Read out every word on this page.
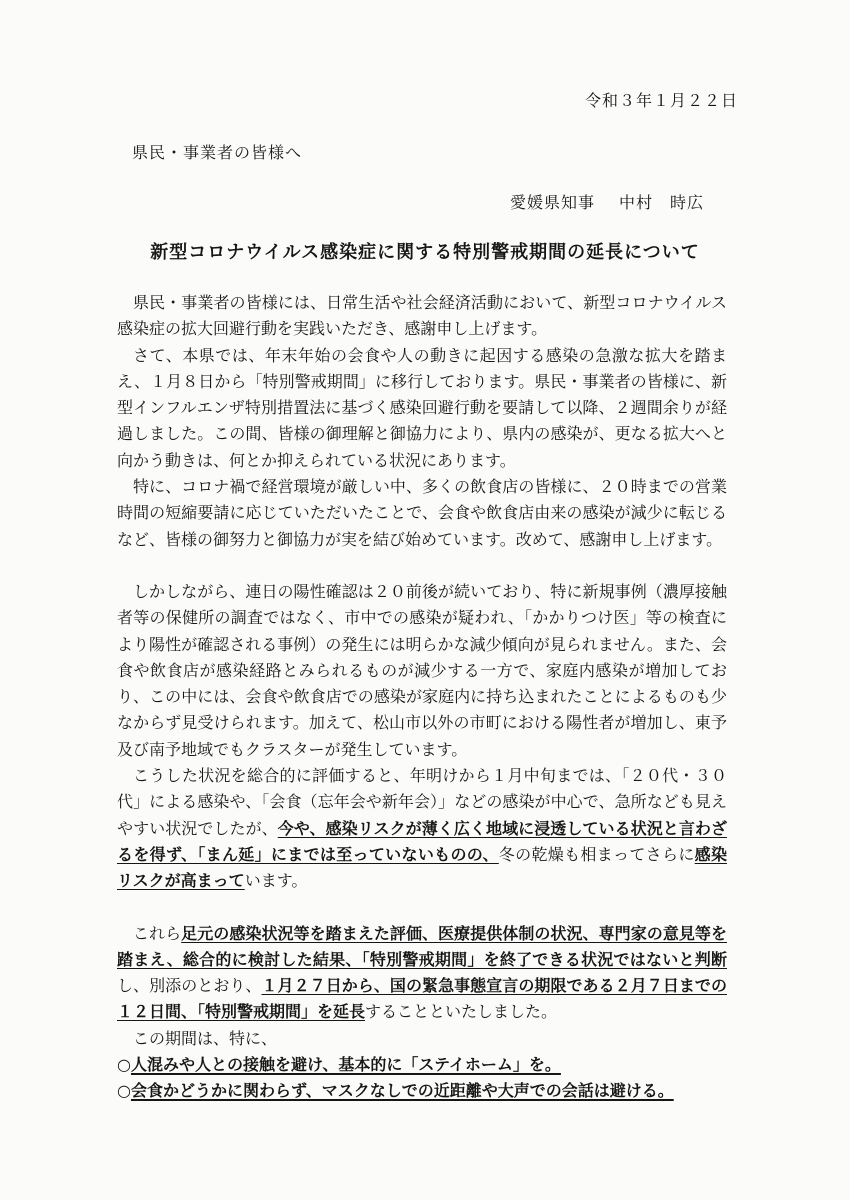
令和３年１月２２日
県民・事業者の皆様へ
愛媛県知事 中村　時広
新型コロナウイルス感染症に関する特別警戒期間の延長について

県民・事業者の皆様には、日常生活や社会経済活動において、新型コロナウイルス感染症の拡大回避行動を実践いただき、感謝申し上げます。

さて、本県では、年末年始の会食や人の動きに起因する感染の急激な拡大を踏まえ、１月８日から「特別警戒期間」に移行しております。県民・事業者の皆様に、新型インフルエンザ特別措置法に基づく感染回避行動を要請して以降、２週間余りが経過しました。この間、皆様の御理解と御協力により、県内の感染が、更なる拡大へと向かう動きは、何とか抑えられている状況にあります。

特に、コロナ禍で経営環境が厳しい中、多くの飲食店の皆様に、２０時までの営業時間の短縮要請に応じていただいたことで、会食や飲食店由来の感染が減少に転じるなど、皆様の御努力と御協力が実を結び始めています。改めて、感謝申し上げます。

しかしながら、連日の陽性確認は２０前後が続いており、特に新規事例（濃厚接触者等の保健所の調査ではなく、市中での感染が疑われ、「かかりつけ医」等の検査により陽性が確認される事例）の発生には明らかな減少傾向が見られません。また、会食や飲食店が感染経路とみられるものが減少する一方で、家庭内感染が増加しており、この中には、会食や飲食店での感染が家庭内に持ち込まれたことによるものも少なからず見受けられます。加えて、松山市以外の市町における陽性者が増加し、東予及び南予地域でもクラスターが発生しています。

こうした状況を総合的に評価すると、年明けから１月中旬までは、「２０代・３０代」による感染や、「会食（忘年会や新年会）」などの感染が中心で、急所なども見えやすい状況でしたが、今や、感染リスクが薄く広く地域に浸透している状況と言わざるを得ず、「まん延」にまでは至っていないものの、冬の乾燥も相まってさらに感染リスクが高まっています。

これら足元の感染状況等を踏まえた評価、医療提供体制の状況、専門家の意見等を踏まえ、総合的に検討した結果、「特別警戒期間」を終了できる状況ではないと判断し、別添のとおり、１月２７日から、国の緊急事態宣言の期限である２月７日までの１２日間、「特別警戒期間」を延長することといたしました。

この期間は、特に、

○人混みや人との接触を避け、基本的に「ステイホーム」を。

○会食かどうかに関わらず、マスクなしでの近距離や大声での会話は避ける。
